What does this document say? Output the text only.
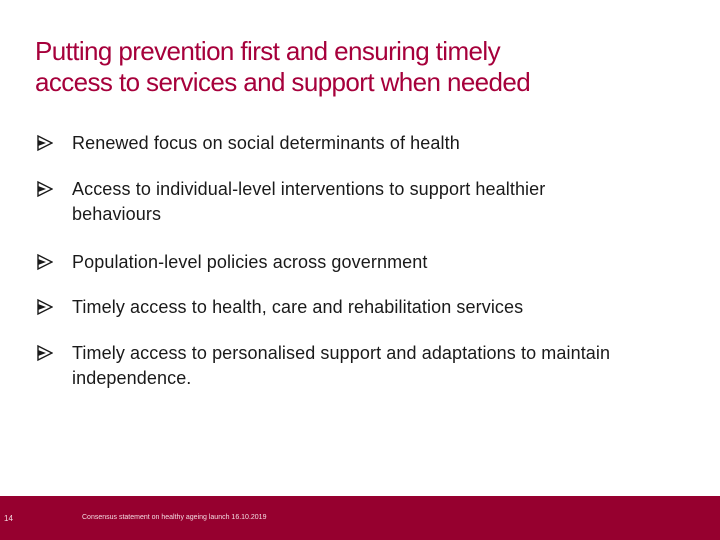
Putting prevention first and ensuring timely
access to services and support when needed
Renewed focus on social determinants of health
Access to individual-level interventions to support healthier
behaviours
Population-level policies across government
Timely access to health, care and rehabilitation services
Timely access to personalised support and adaptations to maintain
independence.
14	Consensus statement on healthy ageing launch 16.10.2019
